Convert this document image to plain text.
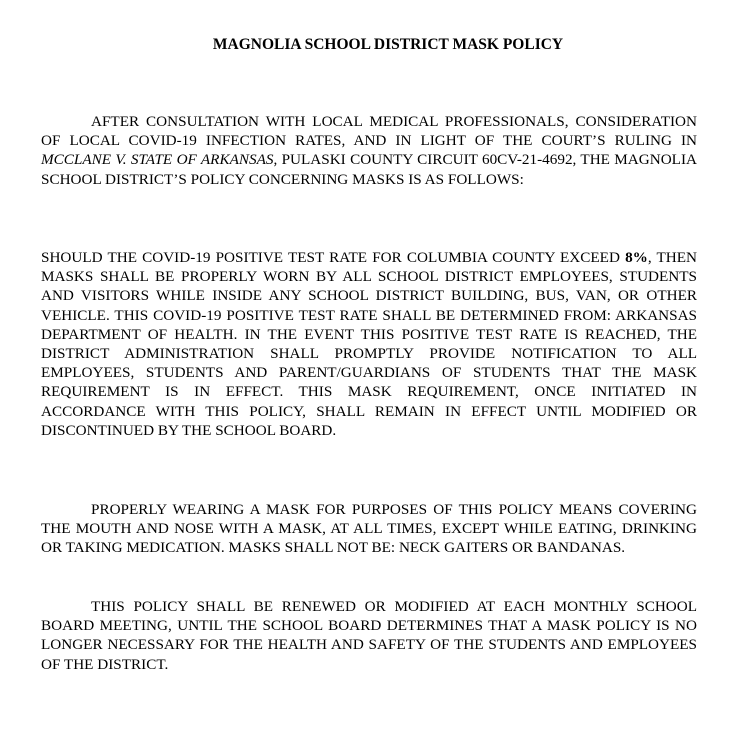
MAGNOLIA SCHOOL DISTRICT MASK POLICY

AFTER CONSULTATION WITH LOCAL MEDICAL PROFESSIONALS, CONSIDERATION OF LOCAL COVID-19 INFECTION RATES, AND IN LIGHT OF THE COURT’S RULING IN MCCLANE V. STATE OF ARKANSAS, PULASKI COUNTY CIRCUIT 60CV-21-4692, THE MAGNOLIA SCHOOL DISTRICT’S POLICY CONCERNING MASKS IS AS FOLLOWS:

SHOULD THE COVID-19 POSITIVE TEST RATE FOR COLUMBIA COUNTY EXCEED 8%, THEN MASKS SHALL BE PROPERLY WORN BY ALL SCHOOL DISTRICT EMPLOYEES, STUDENTS AND VISITORS WHILE INSIDE ANY SCHOOL DISTRICT BUILDING, BUS, VAN, OR OTHER VEHICLE. THIS COVID-19 POSITIVE TEST RATE SHALL BE DETERMINED FROM: ARKANSAS DEPARTMENT OF HEALTH. IN THE EVENT THIS POSITIVE TEST RATE IS REACHED, THE DISTRICT ADMINISTRATION SHALL PROMPTLY PROVIDE NOTIFICATION TO ALL EMPLOYEES, STUDENTS AND PARENT/GUARDIANS OF STUDENTS THAT THE MASK REQUIREMENT IS IN EFFECT. THIS MASK REQUIREMENT, ONCE INITIATED IN ACCORDANCE WITH THIS POLICY, SHALL REMAIN IN EFFECT UNTIL MODIFIED OR DISCONTINUED BY THE SCHOOL BOARD.

PROPERLY WEARING A MASK FOR PURPOSES OF THIS POLICY MEANS COVERING THE MOUTH AND NOSE WITH A MASK, AT ALL TIMES, EXCEPT WHILE EATING, DRINKING OR TAKING MEDICATION. MASKS SHALL NOT BE: NECK GAITERS OR BANDANAS.

THIS POLICY SHALL BE RENEWED OR MODIFIED AT EACH MONTHLY SCHOOL BOARD MEETING, UNTIL THE SCHOOL BOARD DETERMINES THAT A MASK POLICY IS NO LONGER NECESSARY FOR THE HEALTH AND SAFETY OF THE STUDENTS AND EMPLOYEES OF THE DISTRICT.
